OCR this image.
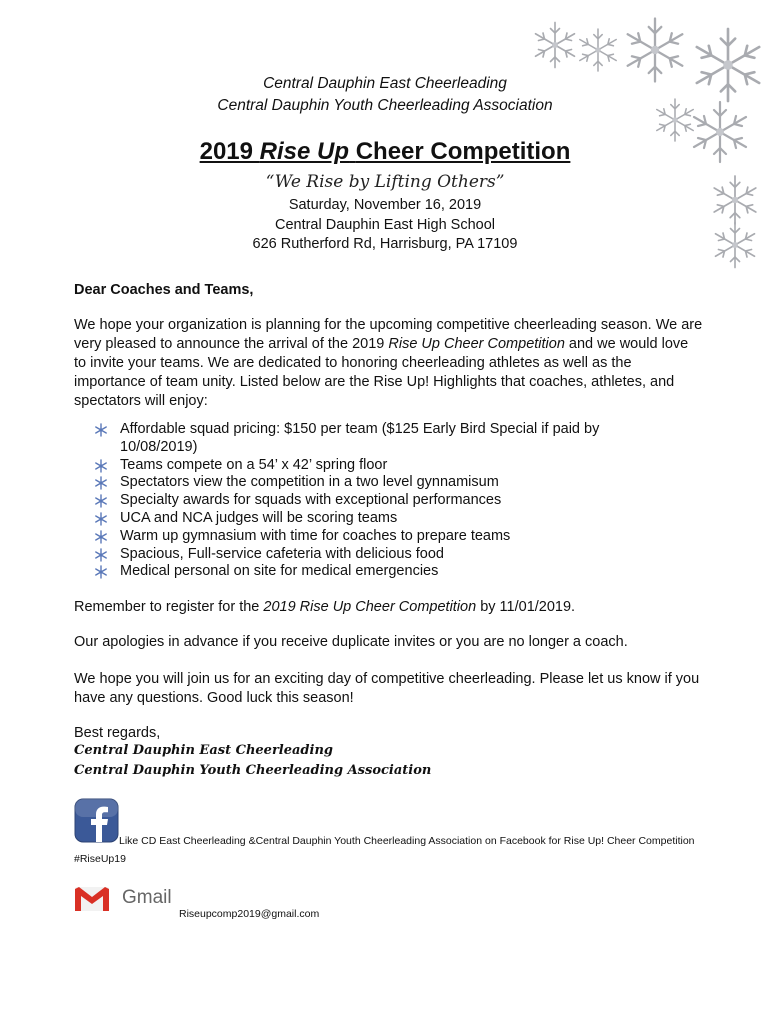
Central Dauphin East Cheerleading
Central Dauphin Youth Cheerleading Association
2019 Rise Up Cheer Competition
“We Rise by Lifting Others”
Saturday, November 16, 2019
Central Dauphin East High School
626 Rutherford Rd, Harrisburg, PA 17109
Dear Coaches and Teams,
We hope your organization is planning for the upcoming competitive cheerleading season. We are very pleased to announce the arrival of the 2019 Rise Up Cheer Competition and we would love to invite your teams. We are dedicated to honoring cheerleading athletes as well as the importance of team unity. Listed below are the Rise Up! Highlights that coaches, athletes, and spectators will enjoy:
Affordable squad pricing: $150 per team ($125 Early Bird Special if paid by 10/08/2019)
Teams compete on a 54’ x 42’ spring floor
Spectators view the competition in a two level gynnamisum
Specialty awards for squads with exceptional performances
UCA and NCA judges will be scoring teams
Warm up gymnasium with time for coaches to prepare teams
Spacious, Full-service cafeteria with delicious food
Medical personal on site for medical emergencies
Remember to register for the 2019 Rise Up Cheer Competition by 11/01/2019.
Our apologies in advance if you receive duplicate invites or you are no longer a coach.
We hope you will join us for an exciting day of competitive cheerleading. Please let us know if you have any questions. Good luck this season!
Best regards,
Central Dauphin East Cheerleading
Central Dauphin Youth Cheerleading Association
Like CD East Cheerleading &Central Dauphin Youth Cheerleading Association on Facebook for Rise Up! Cheer Competition #RiseUp19
Gmail
Riseupcomp2019@gmail.com
